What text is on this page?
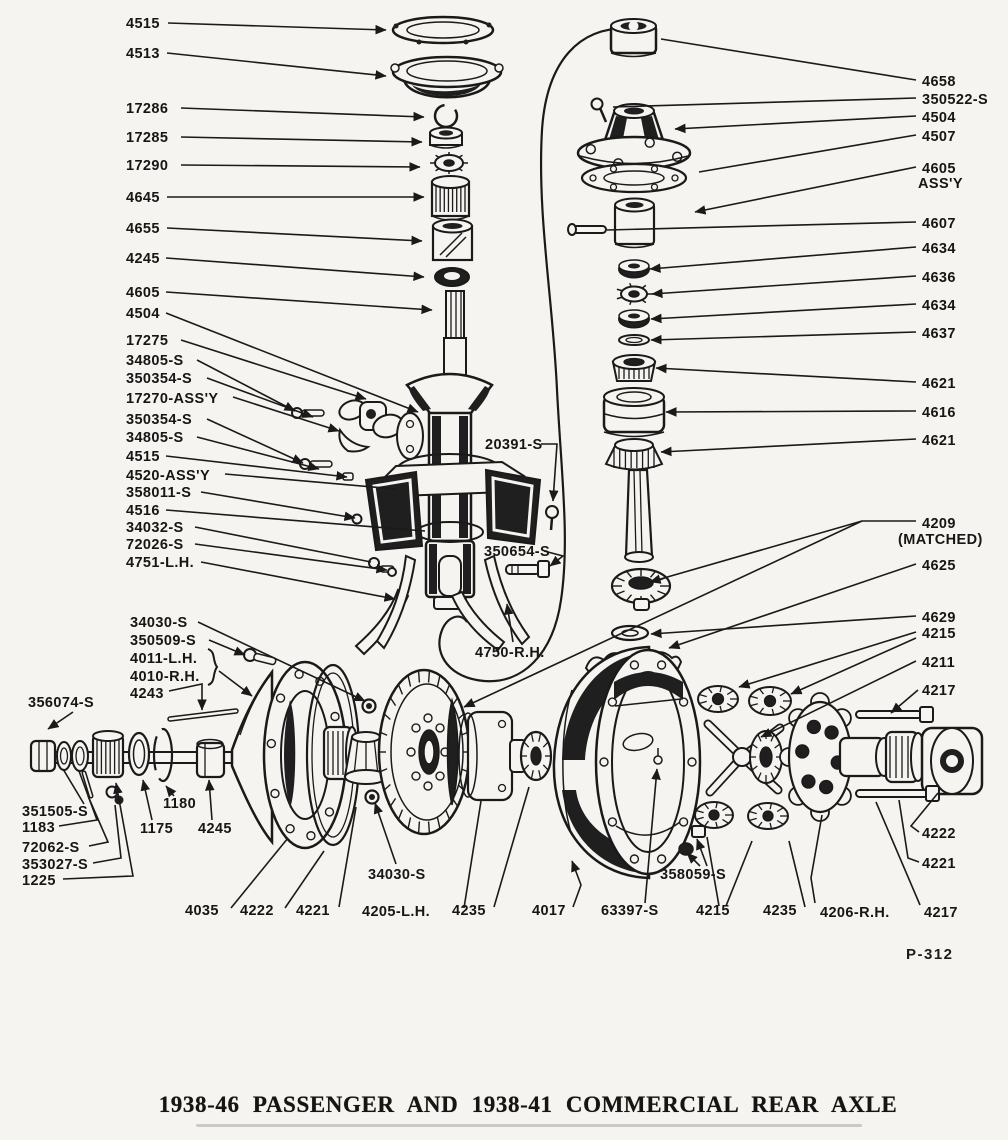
4515
4513
17286
17285
17290
4645
4655
4245
4605
4504
17275
34805-S
350354-S
17270-ASS'Y
350354-S
34805-S
4515
4520-ASS'Y
358011-S
4516
34032-S
72026-S
4751-L.H.
34030-S
350509-S
4011-L.H.
4010-R.H.
4243
356074-S
351505-S
1183
72062-S
353027-S
1225
1175
1180
4245
4035 4222 4221
34030-S
4205-L.H. 4235	4017 63397-S
358059-S
4215 4235 4206-R.H. 4217
4658
350522-S
4504
4507
4605
ASS'Y
4607
4634
4636
4634
4637
4621
4616
4621
4209
(MATCHED)
4625
4629
4215
4211
4217
4222
4221
20391-S
350654-S
4750-R.H.
1938-46 PASSENGER AND 1938-41 COMMERCIAL REAR AXLE
P-312
